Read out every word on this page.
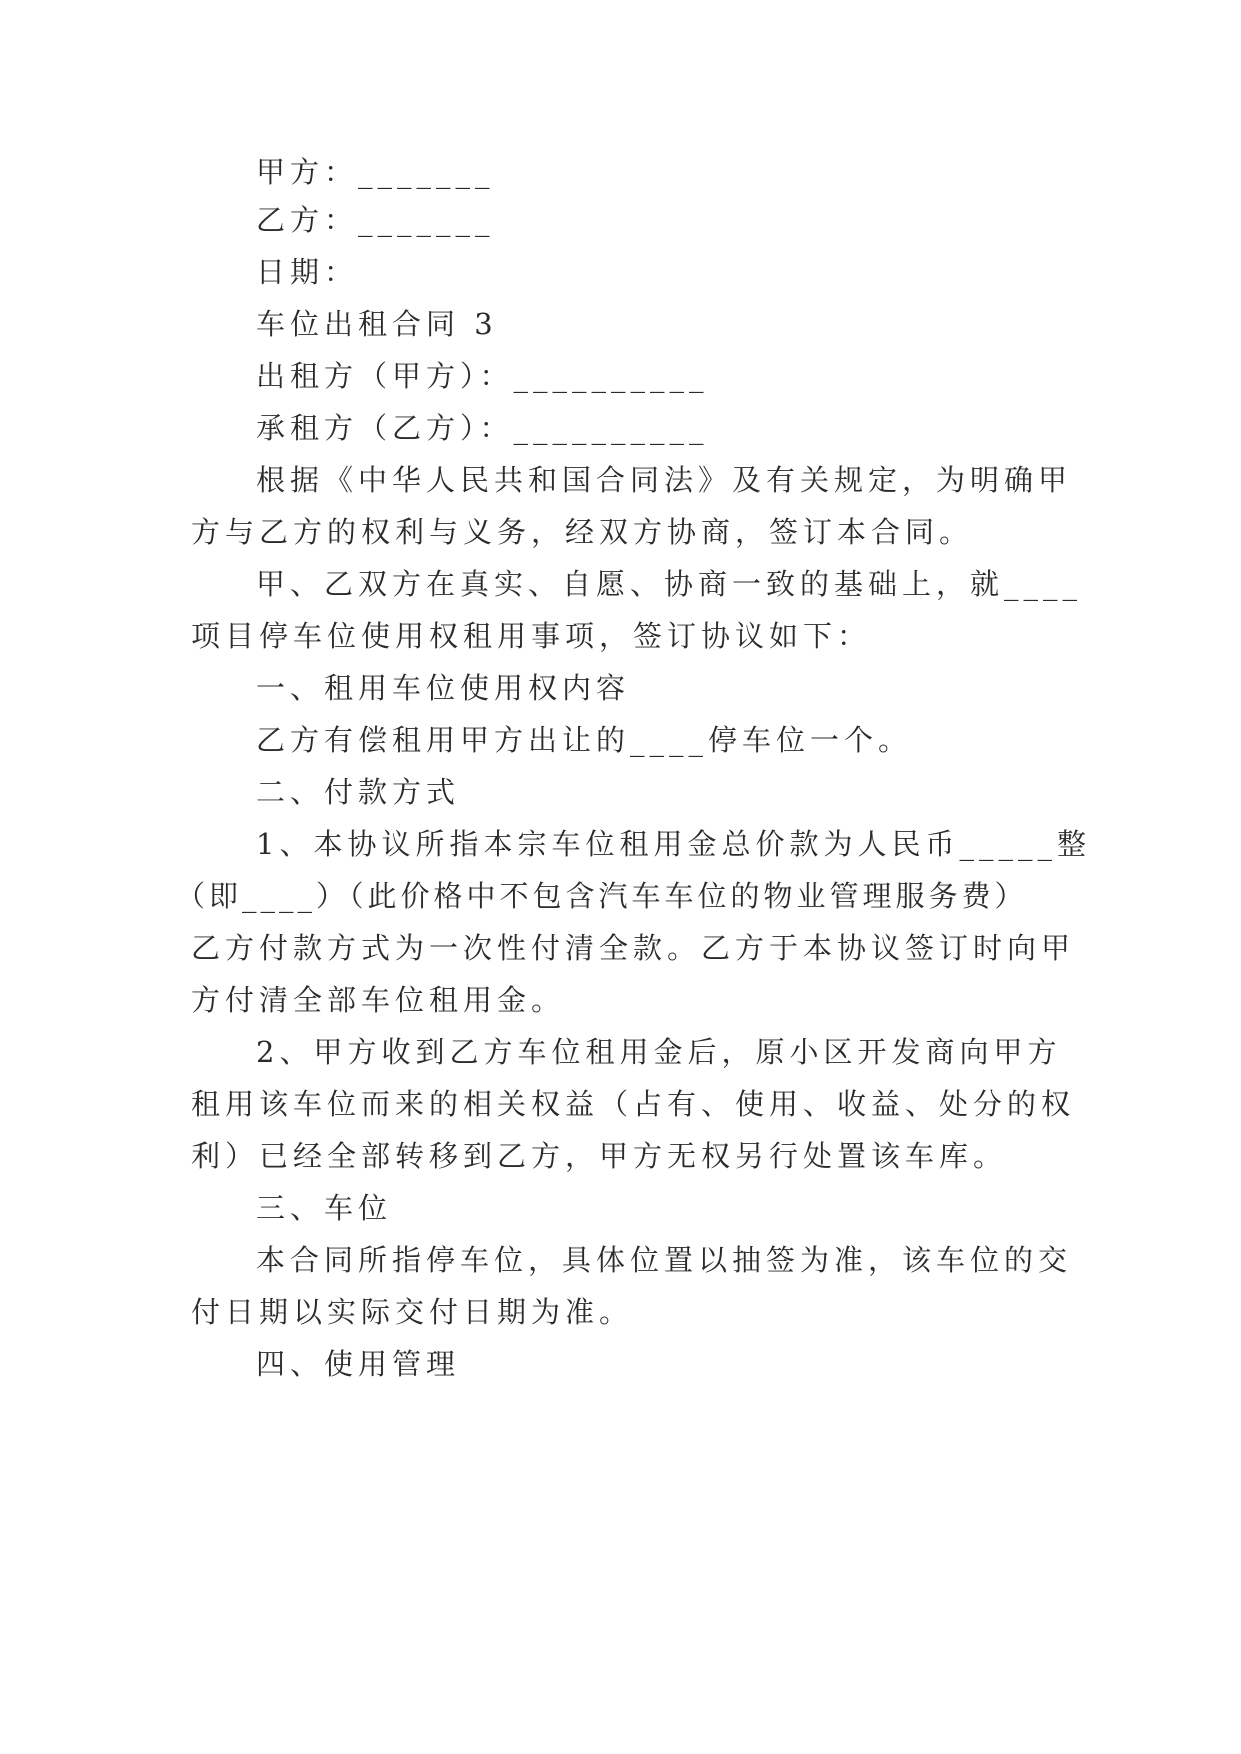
甲方：_______
乙方：_______
日期：
车位出租合同 3
出租方（甲方）：__________
承租方（乙方）：__________
根据《中华人民共和国合同法》及有关规定，为明确甲
方与乙方的权利与义务，经双方协商，签订本合同。
甲、乙双方在真实、自愿、协商一致的基础上，就____
项目停车位使用权租用事项，签订协议如下：
一、租用车位使用权内容
乙方有偿租用甲方出让的____停车位一个。
二、付款方式
1、本协议所指本宗车位租用金总价款为人民币_____整
（即____）（此价格中不包含汽车车位的物业管理服务费）
乙方付款方式为一次性付清全款。乙方于本协议签订时向甲
方付清全部车位租用金。
2、甲方收到乙方车位租用金后，原小区开发商向甲方
租用该车位而来的相关权益（占有、使用、收益、处分的权
利）已经全部转移到乙方，甲方无权另行处置该车库。
三、车位
本合同所指停车位，具体位置以抽签为准，该车位的交
付日期以实际交付日期为准。
四、使用管理
